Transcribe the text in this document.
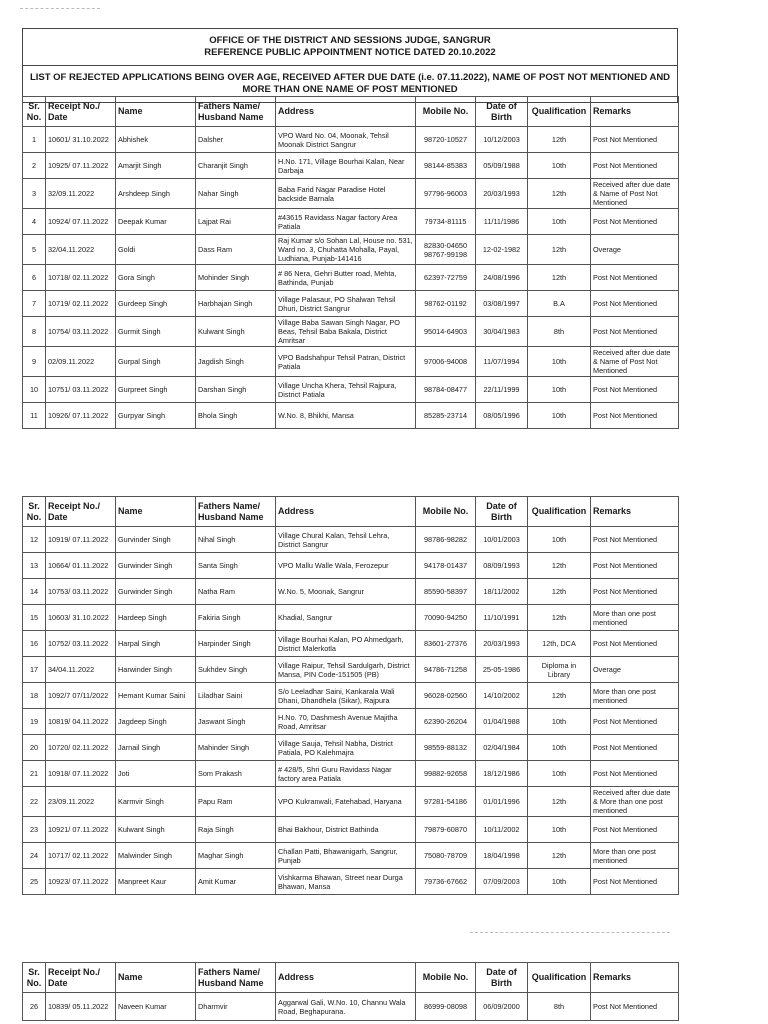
OFFICE OF THE DISTRICT AND SESSIONS JUDGE, SANGRUR
REFERENCE PUBLIC APPOINTMENT NOTICE DATED 20.10.2022
LIST OF REJECTED APPLICATIONS BEING OVER AGE, RECEIVED AFTER DUE DATE (i.e. 07.11.2022), NAME OF POST NOT MENTIONED AND MORE THAN ONE NAME OF POST MENTIONED
Sr. No.	Receipt No./ Date	Name	Fathers Name/ Husband Name	Address	Mobile No.	Date of Birth	Qualification	Remarks
1	10601/ 31.10.2022	Abhishek	Dalsher	VPO Ward No. 04, Moonak, Tehsil Moonak District Sangrur	98720-10527	10/12/2003	12th	Post Not Mentioned
2	10925/ 07.11.2022	Amarjit Singh	Charanjit Singh	H.No. 171, Village Bourhai Kalan, Near Darbaja	98144-85383	05/09/1988	10th	Post Not Mentioned
3	32/09.11.2022	Arshdeep Singh	Nahar Singh	Baba Farid Nagar Paradise Hotel backside Barnala	97796-96003	20/03/1993	12th	Received after due date & Name of Post Not Mentioned
4	10924/ 07.11.2022	Deepak Kumar	Lajpat Rai	#43615 Ravidass Nagar factory Area Patiala	79734-81115	11/11/1986	10th	Post Not Mentioned
5	32/04.11.2022	Goldi	Dass Ram	Raj Kumar s/o Sohan Lal, House no. 531, Ward no. 3, Chuhatta Mohalla, Payal, Ludhiana, Punjab-141416	82830-04650 98767-99198	12-02-1982	12th	Overage
6	10718/ 02.11.2022	Gora Singh	Mohinder Singh	# 86 Nera, Gehri Butter road, Mehta, Bathinda, Punjab	62397-72759	24/08/1996	12th	Post Not Mentioned
7	10719/ 02.11.2022	Gurdeep Singh	Harbhajan Singh	Village Palasaur, PO Shalwan Tehsil Dhuri, District Sangrur	98762-01192	03/08/1997	B.A	Post Not Mentioned
8	10754/ 03.11.2022	Gurmit Singh	Kulwant Singh	Village Baba Sawan Singh Nagar, PO Beas, Tehsil Baba Bakala, District Amritsar	95014-64903	30/04/1983	8th	Post Not Mentioned
9	02/09.11.2022	Gurpal Singh	Jagdish Singh	VPO Badshahpur Tehsil Patran, District Patiala	97006-94008	11/07/1994	10th	Received after due date & Name of Post Not Mentioned
10	10751/ 03.11.2022	Gurpreet Singh	Darshan Singh	Village Uncha Khera, Tehsil Rajpura, District Patiala	98784-08477	22/11/1999	10th	Post Not Mentioned
11	10926/ 07.11.2022	Gurpyar Singh	Bhola Singh	W.No. 8, Bhikhi, Mansa	85285-23714	08/05/1996	10th	Post Not Mentioned
Sr. No.	Receipt No./ Date	Name	Fathers Name/ Husband Name	Address	Mobile No.	Date of Birth	Qualification	Remarks
12	10919/ 07.11.2022	Gurvinder Singh	Nihal Singh	Village Chural Kalan, Tehsil Lehra, District Sangrur	98786-98282	10/01/2003	10th	Post Not Mentioned
13	10664/ 01.11.2022	Gurwinder Singh	Santa Singh	VPO Mallu Walle Wala, Ferozepur	94178-01437	08/09/1993	12th	Post Not Mentioned
14	10753/ 03.11.2022	Gurwinder Singh	Natha Ram	W.No. 5, Moonak, Sangrur	85590-58397	18/11/2002	12th	Post Not Mentioned
15	10603/ 31.10.2022	Hardeep Singh	Fakiria Singh	Khadial, Sangrur	70090-94250	11/10/1991	12th	More than one post mentioned
16	10752/ 03.11.2022	Harpal Singh	Harpinder Singh	Village Bourhai Kalan, PO Ahmedgarh, District Malerkotla	83601-27376	20/03/1993	12th, DCA	Post Not Mentioned
17	34/04.11.2022	Harwinder Singh	Sukhdev Singh	Village Raipur, Tehsil Sardulgarh, District Mansa, PIN Code-151505 (PB)	94786-71258	25-05-1986	Diploma in Library	Overage
18	1092/7 07/11/2022	Hemant Kumar Saini	Liladhar Saini	S/o Leeladhar Saini, Kankarala Wali Dhani, Dhandhela (Sikar), Rajpura	96028-02560	14/10/2002	12th	More than one post mentioned
19	10819/ 04.11.2022	Jagdeep Singh	Jaswant Singh	H.No. 70, Dashmesh Avenue Majitha Road, Amritsar	62390-26204	01/04/1988	10th	Post Not Mentioned
20	10720/ 02.11.2022	Jarnail Singh	Mahinder Singh	Village Sauja, Tehsil Nabha, District Patiala, PO Kalehmajra	98559-88132	02/04/1984	10th	Post Not Mentioned
21	10918/ 07.11.2022	Joti	Som Prakash	# 428/5, Shri Guru Ravidass Nagar factory area Patiala	99882-92658	18/12/1986	10th	Post Not Mentioned
22	23/09.11.2022	Karmvir Singh	Papu Ram	VPO Kukranwali, Fatehabad, Haryana	97281-54186	01/01/1996	12th	Received after due date & More than one post mentioned
23	10921/ 07.11.2022	Kulwant Singh	Raja Singh	Bhai Bakhour, District Bathinda	79879-60870	10/11/2002	10th	Post Not Mentioned
24	10717/ 02.11.2022	Malwinder Singh	Maghar Singh	Challan Patti, Bhawanigarh, Sangrur, Punjab	75080-78709	18/04/1998	12th	More than one post mentioned
25	10923/ 07.11.2022	Manpreet Kaur	Amit Kumar	Vishkarma Bhawan, Street near Durga Bhawan, Mansa	79736-67662	07/09/2003	10th	Post Not Mentioned
Sr. No.	Receipt No./ Date	Name	Fathers Name/ Husband Name	Address	Mobile No.	Date of Birth	Qualification	Remarks
26	10839/ 05.11.2022	Naveen Kumar	Dharmvir	Aggarwal Gali, W.No. 10, Channu Wala Road, Beghapurana.	86999-08098	06/09/2000	8th	Post Not Mentioned
